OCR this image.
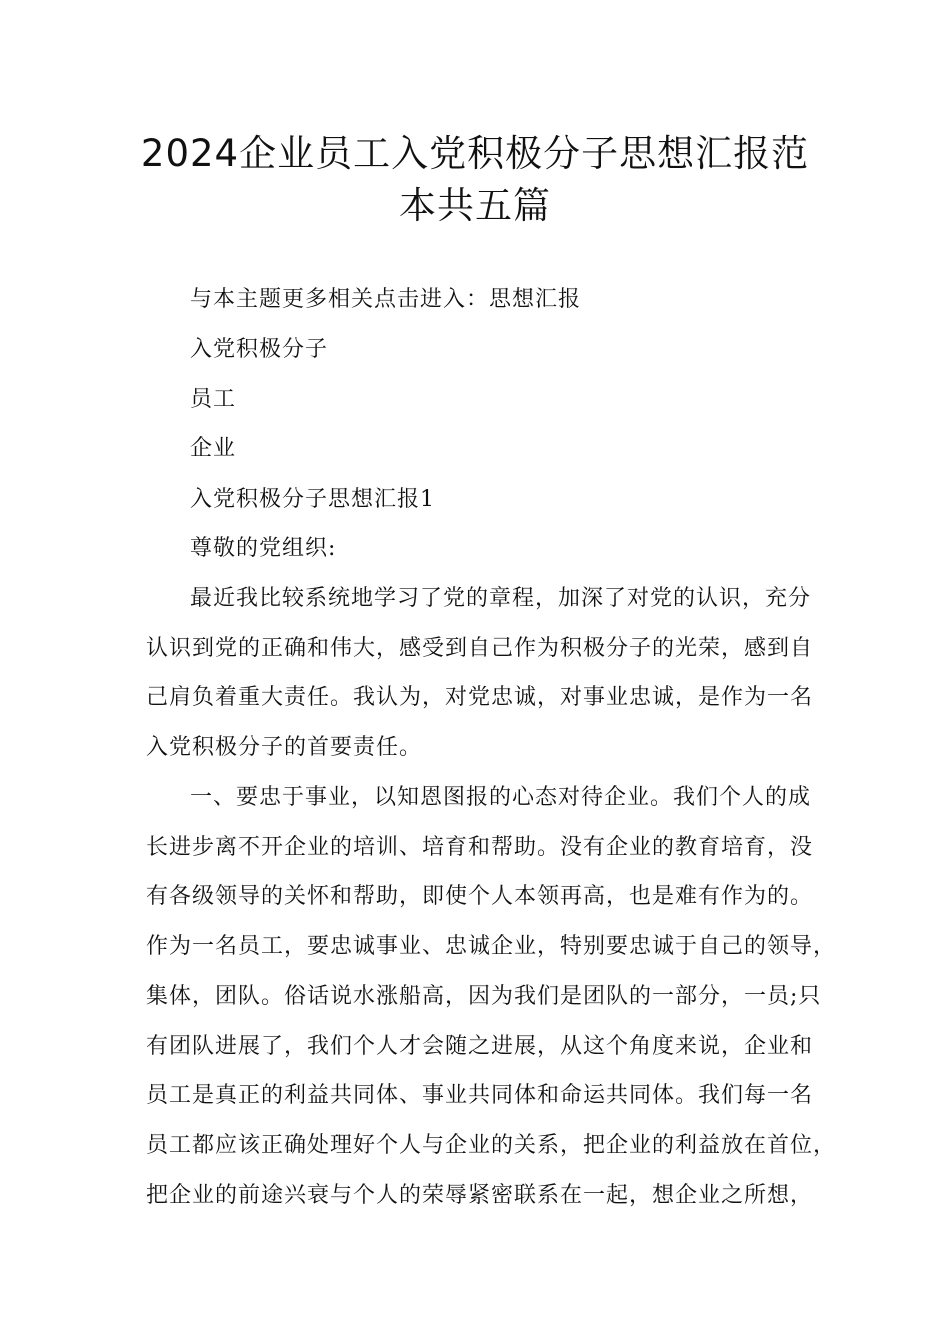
2024企业员工入党积极分子思想汇报范
本共五篇

与本主题更多相关点击进入：思想汇报

入党积极分子

员工

企业

入党积极分子思想汇报1

尊敬的党组织:

最近我比较系统地学习了党的章程，加深了对党的认识，充分

认识到党的正确和伟大，感受到自己作为积极分子的光荣，感到自

己肩负着重大责任。我认为，对党忠诚，对事业忠诚，是作为一名

入党积极分子的首要责任。

一、要忠于事业，以知恩图报的心态对待企业。我们个人的成

长进步离不开企业的培训、培育和帮助。没有企业的教育培育，没

有各级领导的关怀和帮助，即使个人本领再高，也是难有作为的。

作为一名员工，要忠诚事业、忠诚企业，特别要忠诚于自己的领导，

集体，团队。俗话说水涨船高，因为我们是团队的一部分，一员;只

有团队进展了，我们个人才会随之进展，从这个角度来说，企业和

员工是真正的利益共同体、事业共同体和命运共同体。我们每一名

员工都应该正确处理好个人与企业的关系，把企业的利益放在首位，

把企业的前途兴衰与个人的荣辱紧密联系在一起，想企业之所想，
